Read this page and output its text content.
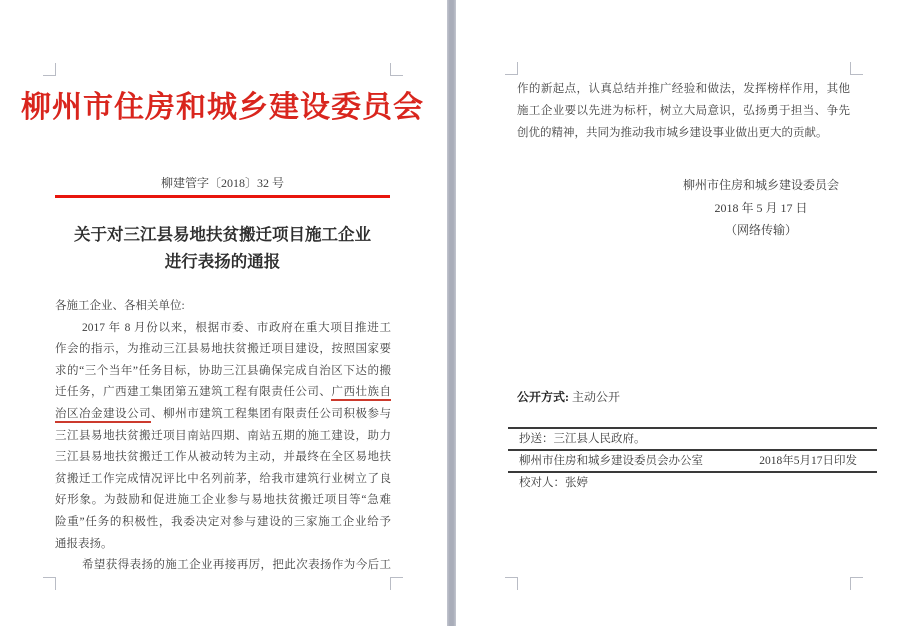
柳州市住房和城乡建设委员会
柳建管字〔2018〕32 号
关于对三江县易地扶贫搬迁项目施工企业
进行表扬的通报
各施工企业、各相关单位:
2017 年 8 月份以来，根据市委、市政府在重大项目推进工
作会的指示，为推动三江县易地扶贫搬迁项目建设，按照国家要
求的“三个当年”任务目标，协助三江县确保完成自治区下达的搬
迁任务，广西建工集团第五建筑工程有限责任公司、广西壮族自
治区冶金建设公司、柳州市建筑工程集团有限责任公司积极参与
三江县易地扶贫搬迁项目南站四期、南站五期的施工建设，助力
三江县易地扶贫搬迁工作从被动转为主动，并最终在全区易地扶
贫搬迁工作完成情况评比中名列前茅，给我市建筑行业树立了良
好形象。为鼓励和促进施工企业参与易地扶贫搬迁项目等“急难
险重”任务的积极性，我委决定对参与建设的三家施工企业给予
通报表扬。
希望获得表扬的施工企业再接再厉，把此次表扬作为今后工
作的新起点，认真总结并推广经验和做法，发挥榜样作用，其他
施工企业要以先进为标杆，树立大局意识，弘扬勇于担当、争先
创优的精神，共同为推动我市城乡建设事业做出更大的贡献。
柳州市住房和城乡建设委员会
2018 年 5 月 17 日
（网络传输）
公开方式: 主动公开
抄送：三江县人民政府。
柳州市住房和城乡建设委员会办公室	2018年5月17日印发
校对人：张婷
